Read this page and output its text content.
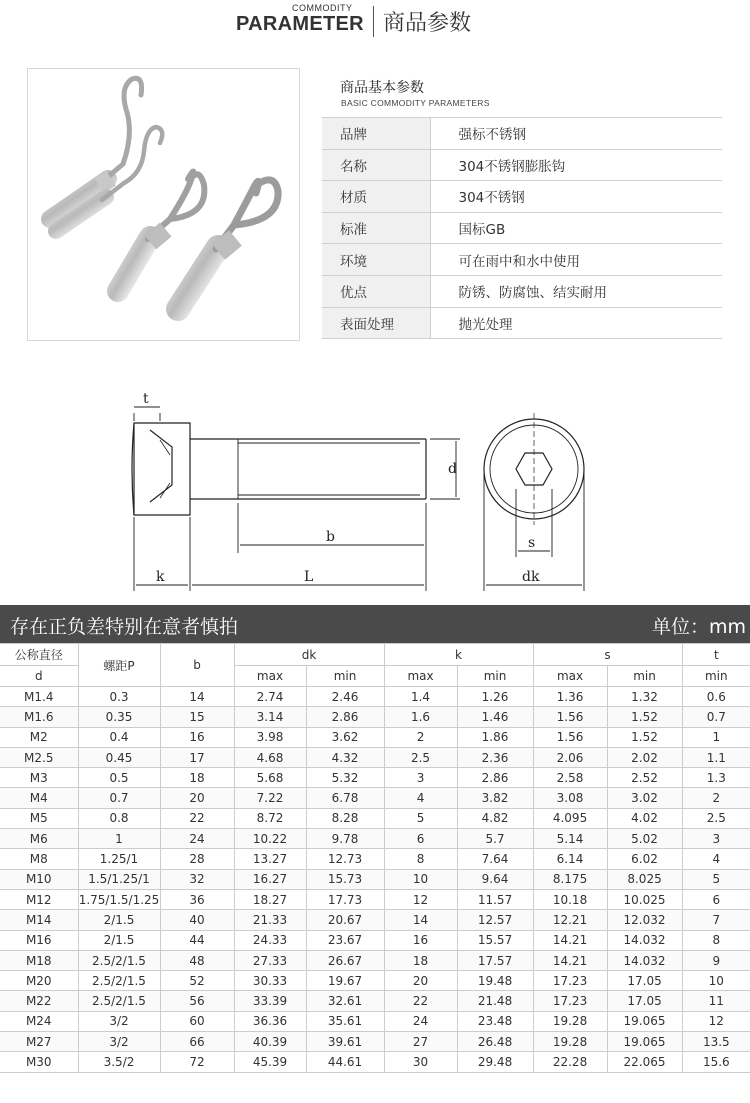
COMMODITY
PARAMETER 商品参数
商品基本参数
BASIC COMMODITY PARAMETERS
品牌	强标不锈钢
名称	304不锈钢膨胀钩
材质	304不锈钢
标准	国标GB
环境	可在雨中和水中使用
优点	防锈、防腐蚀、结实耐用
表面处理	抛光处理
t
d
b
k	L
s
dk
存在正负差特别在意者慎拍	单位：mm
公称直径	螺距P	b	dk		k		s		t
d			max	min	max	min	max	min	min
M1.4	0.3	14	2.74	2.46	1.4	1.26	1.36	1.32	0.6
M1.6	0.35	15	3.14	2.86	1.6	1.46	1.56	1.52	0.7
M2	0.4	16	3.98	3.62	2	1.86	1.56	1.52	1
M2.5	0.45	17	4.68	4.32	2.5	2.36	2.06	2.02	1.1
M3	0.5	18	5.68	5.32	3	2.86	2.58	2.52	1.3
M4	0.7	20	7.22	6.78	4	3.82	3.08	3.02	2
M5	0.8	22	8.72	8.28	5	4.82	4.095	4.02	2.5
M6	1	24	10.22	9.78	6	5.7	5.14	5.02	3
M8	1.25/1	28	13.27	12.73	8	7.64	6.14	6.02	4
M10	1.5/1.25/1	32	16.27	15.73	10	9.64	8.175	8.025	5
M12	1.75/1.5/1.25	36	18.27	17.73	12	11.57	10.18	10.025	6
M14	2/1.5	40	21.33	20.67	14	12.57	12.21	12.032	7
M16	2/1.5	44	24.33	23.67	16	15.57	14.21	14.032	8
M18	2.5/2/1.5	48	27.33	26.67	18	17.57	14.21	14.032	9
M20	2.5/2/1.5	52	30.33	19.67	20	19.48	17.23	17.05	10
M22	2.5/2/1.5	56	33.39	32.61	22	21.48	17.23	17.05	11
M24	3/2	60	36.36	35.61	24	23.48	19.28	19.065	12
M27	3/2	66	40.39	39.61	27	26.48	19.28	19.065	13.5
M30	3.5/2	72	45.39	44.61	30	29.48	22.28	22.065	15.6
